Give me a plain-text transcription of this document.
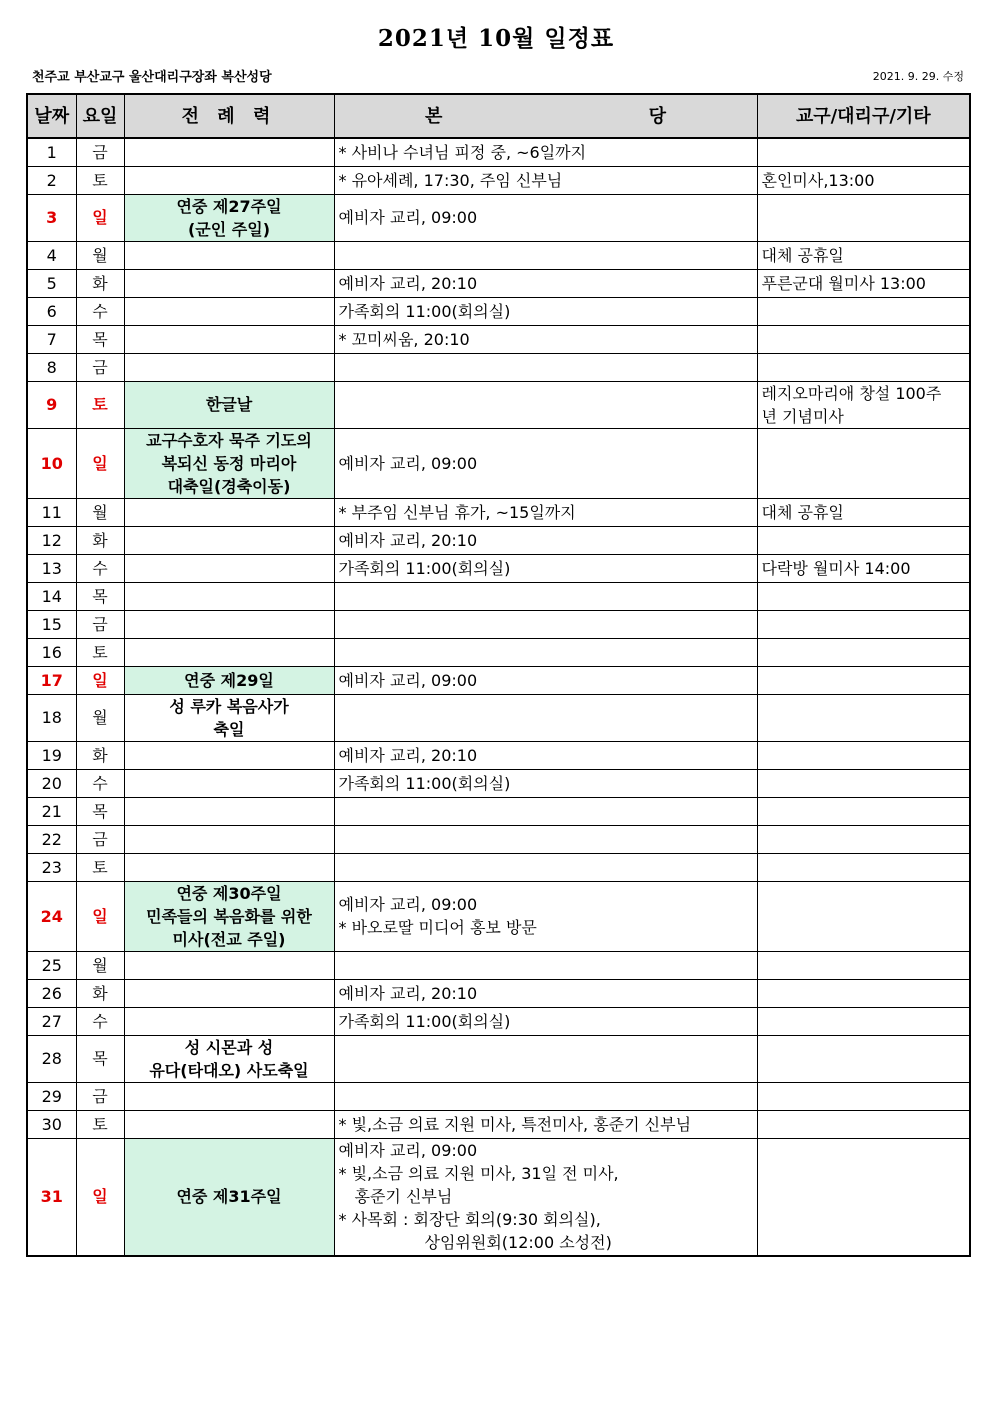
2021년 10월 일정표
천주교 부산교구 울산대리구장좌 복산성당	2021. 9. 29. 수정
날짜	요일	전 례 력	본 당	교구/대리구/기타
1	금		* 사비나 수녀님 피정 중, ~6일까지	

2	토		* 유아세례, 17:30, 주임 신부님	혼인미사,13:00

3	일	연중 제27주일
(군인 주일)	예비자 교리, 09:00	

4	월			대체 공휴일

5	화		예비자 교리, 20:10	푸른군대 월미사 13:00

6	수		가족회의 11:00(회의실)	

7	목		* 꼬미씨움, 20:10	

8	금			
9	토	한글날		레지오마리애 창설 100주
년 기념미사

10	일	교구수호자 묵주 기도의
복되신 동정 마리아
대축일(경축이동)	예비자 교리, 09:00	

11	월		* 부주임 신부님 휴가, ~15일까지	대체 공휴일

12	화		예비자 교리, 20:10	

13	수		가족회의 11:00(회의실)	다락방 월미사 14:00

14	목			
15	금			
16	토			
17	일	연중 제29일	예비자 교리, 09:00	

18	월	성 루카 복음사가
축일		

19	화		예비자 교리, 20:10	

20	수		가족회의 11:00(회의실)	

21	목			
22	금			
23	토			
24	일	연중 제30주일
민족들의 복음화를 위한
미사(전교 주일)	예비자 교리, 09:00
* 바오로딸 미디어 홍보 방문	

25	월			
26	화		예비자 교리, 20:10	

27	수		가족회의 11:00(회의실)	

28	목	성 시몬과 성
유다(타대오) 사도축일		

29	금			
30	토		* 빛,소금 의료 지원 미사, 특전미사, 홍준기 신부님	

31	일	연중 제31주일	예비자 교리, 09:00
* 빛,소금 의료 지원 미사, 31일 전 미사,
홍준기 신부님
* 사목회 : 회장단 회의(9:30 회의실),
상임위원회(12:00 소성전)	
